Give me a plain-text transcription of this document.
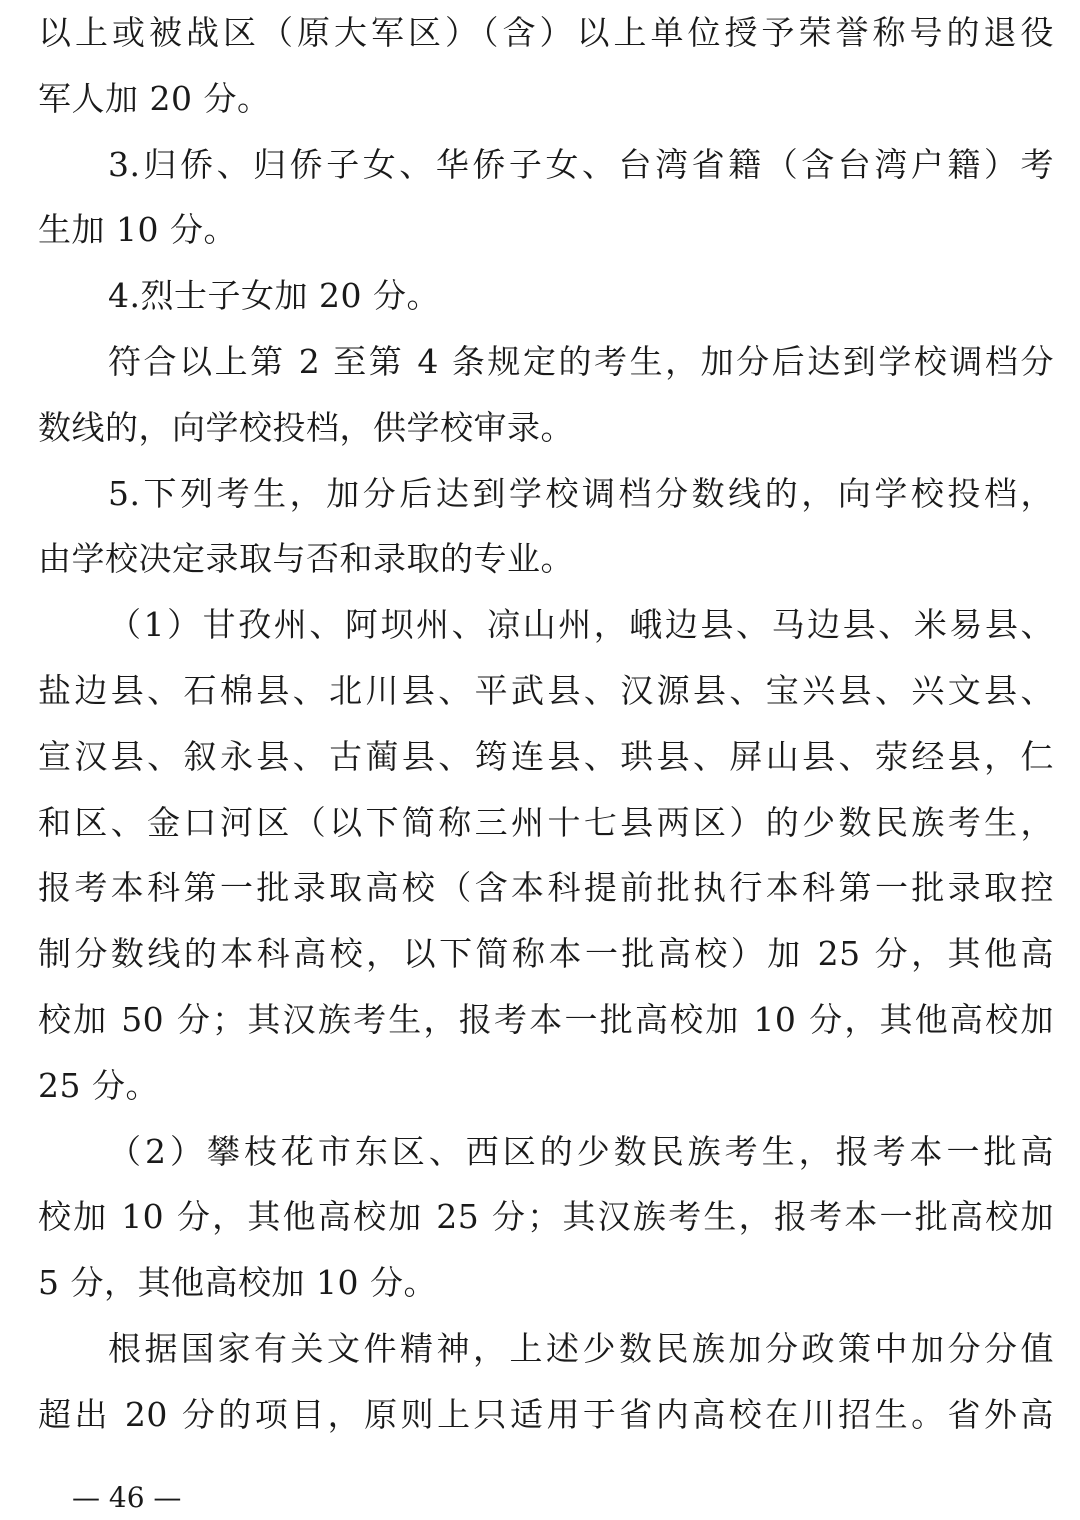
以上或被战区（原大军区）（含）以上单位授予荣誉称号的退役
军人加 20 分。
3.归侨、归侨子女、华侨子女、台湾省籍（含台湾户籍）考
生加 10 分。
4.烈士子女加 20 分。
符合以上第 2 至第 4 条规定的考生，加分后达到学校调档分
数线的，向学校投档，供学校审录。
5.下列考生，加分后达到学校调档分数线的，向学校投档，
由学校决定录取与否和录取的专业。
（1）甘孜州、阿坝州、凉山州，峨边县、马边县、米易县、
盐边县、石棉县、北川县、平武县、汉源县、宝兴县、兴文县、
宣汉县、叙永县、古蔺县、筠连县、珙县、屏山县、荥经县，仁
和区、金口河区（以下简称三州十七县两区）的少数民族考生，
报考本科第一批录取高校（含本科提前批执行本科第一批录取控
制分数线的本科高校，以下简称本一批高校）加 25 分，其他高
校加 50 分；其汉族考生，报考本一批高校加 10 分，其他高校加
25 分。
（2）攀枝花市东区、西区的少数民族考生，报考本一批高
校加 10 分，其他高校加 25 分；其汉族考生，报考本一批高校加
5 分，其他高校加 10 分。
根据国家有关文件精神，上述少数民族加分政策中加分分值
超出 20 分的项目，原则上只适用于省内高校在川招生。省外高
— 46 —
